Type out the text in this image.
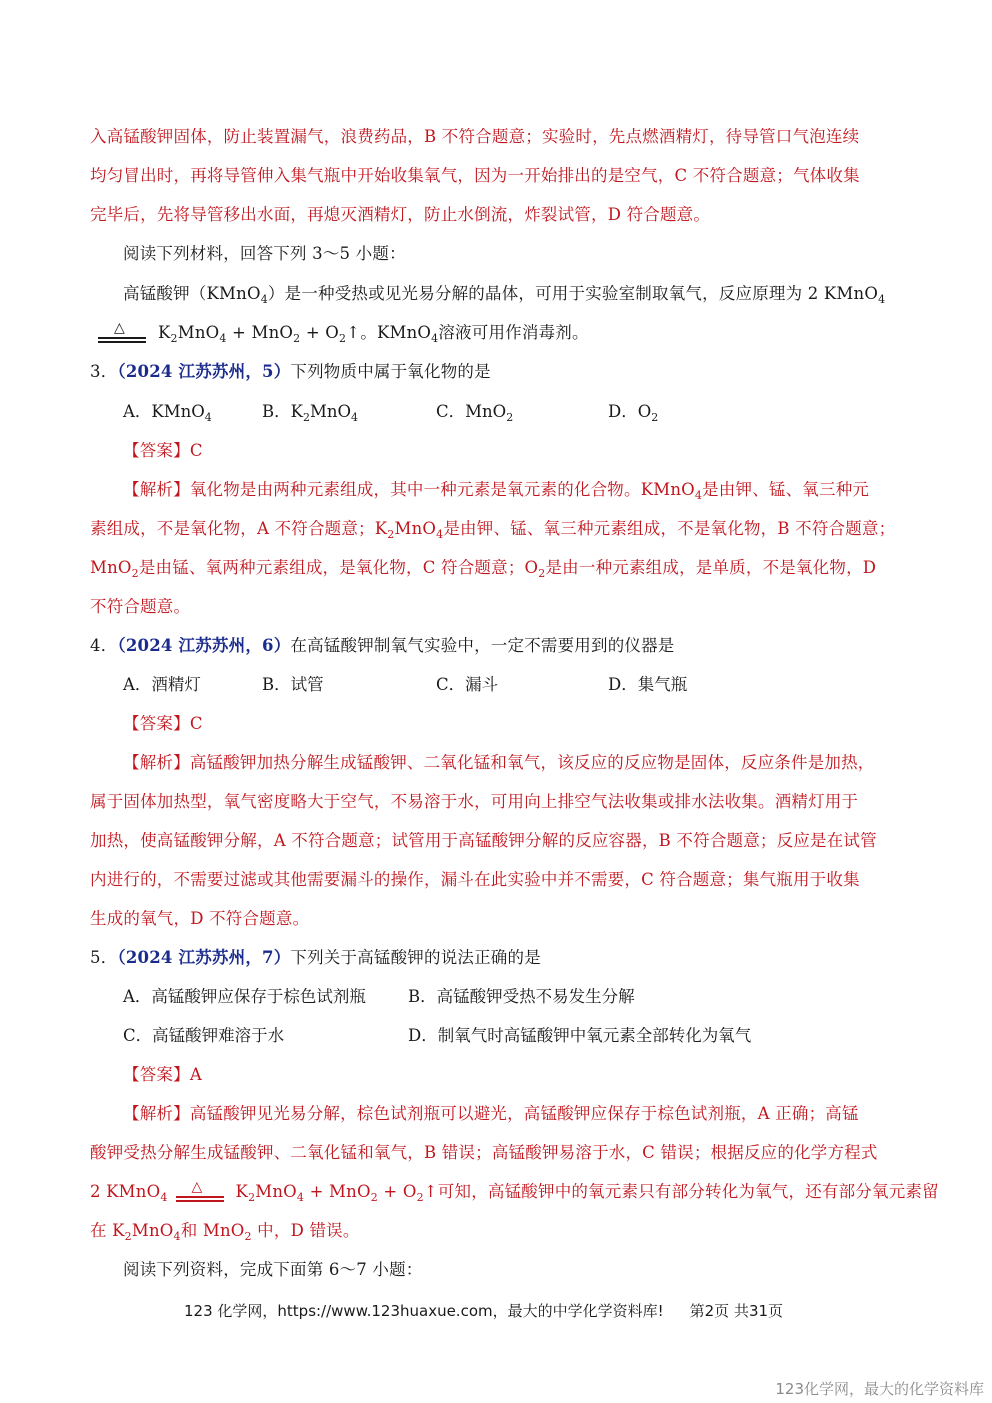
入高锰酸钾固体，防止装置漏气，浪费药品，B 不符合题意；实验时，先点燃酒精灯，待导管口气泡连续
均匀冒出时，再将导管伸入集气瓶中开始收集氧气，因为一开始排出的是空气，C 不符合题意；气体收集
完毕后，先将导管移出水面，再熄灭酒精灯，防止水倒流，炸裂试管，D 符合题意。
阅读下列材料，回答下列 3～5 小题：
高锰酸钾（KMnO$_4$）是一种受热或见光易分解的晶体，可用于实验室制取氧气，反应原理为 2 KMnO$_4$
△ $K_2MnO_4 + MnO_2$ + $O_2↑$。KMnO$_4$溶液可用作消毒剂。
3．（2024 江苏苏州，5）下列物质中属于氧化物的是
A．KMnO$_4$	B．$K_2MnO_4$	C．MnO$_2$	D．$O_2$
【答案】C
【解析】氧化物是由两种元素组成，其中一种元素是氧元素的化合物。KMnO$_4$是由钾、锰、氧三种元
素组成，不是氧化物，A 不符合题意；$K_2MnO_4$是由钾、锰、氧三种元素组成，不是氧化物，B 不符合题意；
MnO$_2$是由锰、氧两种元素组成，是氧化物，C 符合题意；$O_2$是由一种元素组成，是单质，不是氧化物，D
不符合题意。
4．（2024 江苏苏州，6）在高锰酸钾制氧气实验中，一定不需要用到的仪器是
A．酒精灯	B．试管	C．漏斗	D．集气瓶
【答案】C
【解析】高锰酸钾加热分解生成锰酸钾、二氧化锰和氧气，该反应的反应物是固体，反应条件是加热，
属于固体加热型，氧气密度略大于空气，不易溶于水，可用向上排空气法收集或排水法收集。酒精灯用于
加热，使高锰酸钾分解，A 不符合题意；试管用于高锰酸钾分解的反应容器，B 不符合题意；反应是在试管
内进行的，不需要过滤或其他需要漏斗的操作，漏斗在此实验中并不需要，C 符合题意；集气瓶用于收集
生成的氧气，D 不符合题意。
5．（2024 江苏苏州，7）下列关于高锰酸钾的说法正确的是
A．高锰酸钾应保存于棕色试剂瓶	B．高锰酸钾受热不易发生分解
C．高锰酸钾难溶于水	D．制氧气时高锰酸钾中氧元素全部转化为氧气
【答案】A
【解析】高锰酸钾见光易分解，棕色试剂瓶可以避光，高锰酸钾应保存于棕色试剂瓶，A 正确；高锰
酸钾受热分解生成锰酸钾、二氧化锰和氧气，B 错误；高锰酸钾易溶于水，C 错误；根据反应的化学方程式
2 KMnO$_4$
△ $K_2MnO_4 + MnO_2$ + $O_2↑$可知，高锰酸钾中的氧元素只有部分转化为氧气，还有部分氧元素留
在 $K_2MnO_4$和 MnO$_2$ 中，D 错误。
阅读下列资料，完成下面第 6～7 小题：
123 化学网，https://www.123huaxue.com，最大的中学化学资料库! 第2页 共31页
123化学网，最大的化学资料库
